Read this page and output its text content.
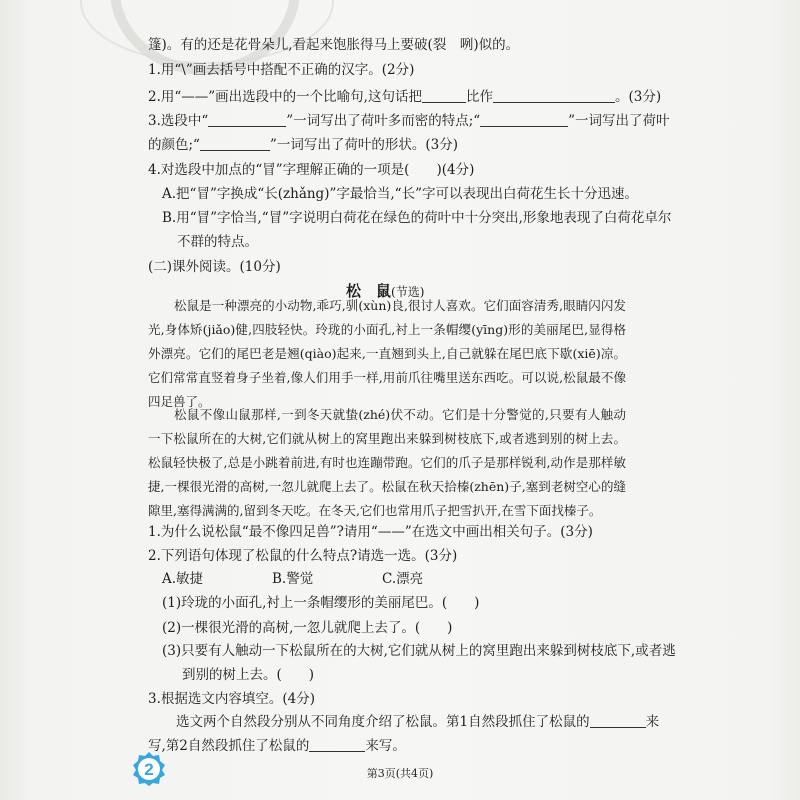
篷)。有的还是花骨朵儿,看起来饱胀得马上要破(裂　咧)似的。
1.用“\”画去括号中搭配不正确的汉字。(2分)
2.用“——”画出选段中的一个比喻句,这句话把	比作	。(3分)
3.选段中“	”一词写出了荷叶多而密的特点;“	”一词写出了荷叶
的颜色;“	”一词写出了荷叶的形状。(3分)
4.对选段中加点的“冒”字理解正确的一项是(　　)(4分)
A.把“冒”字换成“长(zhǎng)”字最恰当,“长”字可以表现出白荷花生长十分迅速。
B.用“冒”字恰当,“冒”字说明白荷花在绿色的荷叶中十分突出,形象地表现了白荷花卓尔
不群的特点。
(二)课外阅读。(10分)
松　鼠(节选)
松鼠是一种漂亮的小动物,乖巧,驯(xùn)良,很讨人喜欢。它们面容清秀,眼睛闪闪发光,身体矫(jiǎo)健,四肢轻快。玲珑的小面孔,衬上一条帽缨(yīng)形的美丽尾巴,显得格外漂亮。它们的尾巴老是翘(qiào)起来,一直翘到头上,自己就躲在尾巴底下歇(xiē)凉。它们常常直竖着身子坐着,像人们用手一样,用前爪往嘴里送东西吃。可以说,松鼠最不像四足兽了。
松鼠不像山鼠那样,一到冬天就蛰(zhé)伏不动。它们是十分警觉的,只要有人触动一下松鼠所在的大树,它们就从树上的窝里跑出来躲到树枝底下,或者逃到别的树上去。松鼠轻快极了,总是小跳着前进,有时也连蹦带跑。它们的爪子是那样锐利,动作是那样敏捷,一棵很光滑的高树,一忽儿就爬上去了。松鼠在秋天拾榛(zhēn)子,塞到老树空心的缝隙里,塞得满满的,留到冬天吃。在冬天,它们也常用爪子把雪扒开,在雪下面找榛子。
1.为什么说松鼠“最不像四足兽”?请用“——”在选文中画出相关句子。(3分)
2.下列语句体现了松鼠的什么特点?请选一选。(3分)
A.敏捷	B.警觉	C.漂亮
(1)玲珑的小面孔,衬上一条帽缨形的美丽尾巴。(　　)
(2)一棵很光滑的高树,一忽儿就爬上去了。(　　)
(3)只要有人触动一下松鼠所在的大树,它们就从树上的窝里跑出来躲到树枝底下,或者逃
到别的树上去。(　　)
3.根据选文内容填空。(4分)
选文两个自然段分别从不同角度介绍了松鼠。第1自然段抓住了松鼠的	来
写,第2自然段抓住了松鼠的	来写。
2	第3页(共4页)
